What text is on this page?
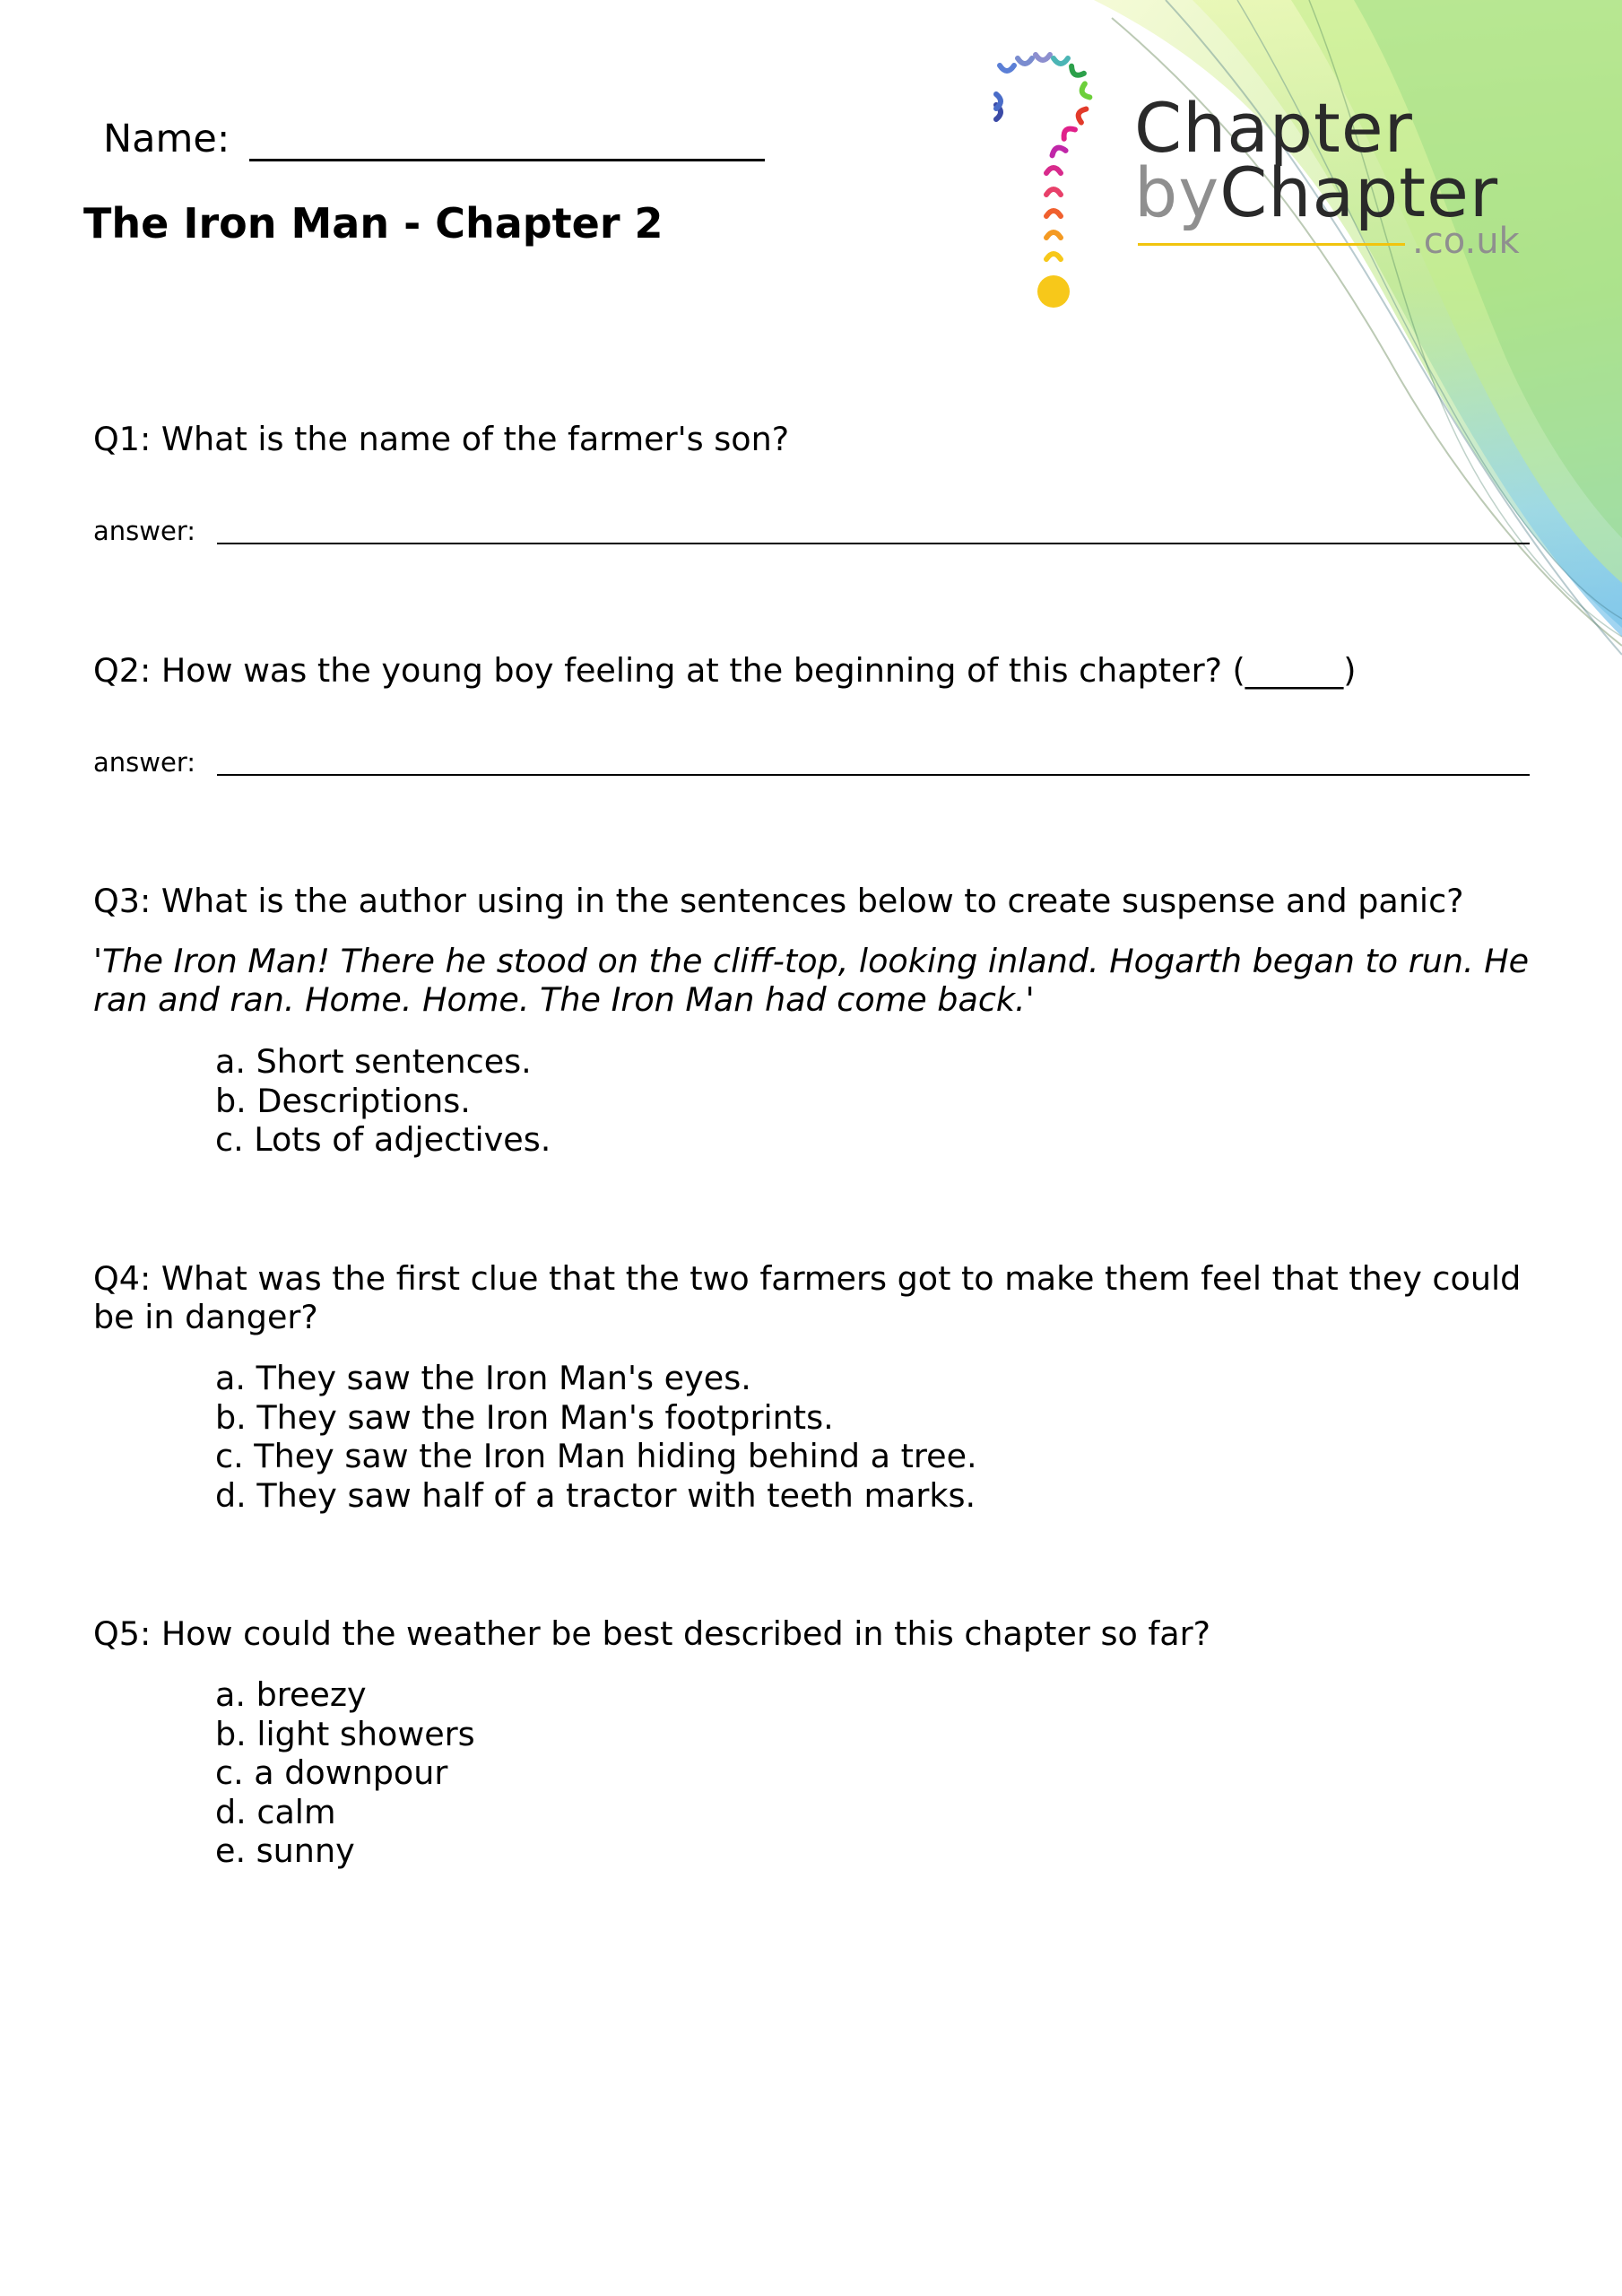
Chapter
byChapter
.co.uk
Name:
The Iron Man - Chapter 2

Q1: What is the name of the farmer's son?

answer:

Q2: How was the young boy feeling at the beginning of this chapter? (______)

answer:

Q3: What is the author using in the sentences below to create suspense and panic?

'The Iron Man! There he stood on the cliff-top, looking inland. Hogarth began to run. He ran and ran. Home. Home. The Iron Man had come back.'

a. Short sentences.
b. Descriptions.
c. Lots of adjectives.

Q4: What was the first clue that the two farmers got to make them feel that they could be in danger?

a. They saw the Iron Man's eyes.
b. They saw the Iron Man's footprints.
c. They saw the Iron Man hiding behind a tree.
d. They saw half of a tractor with teeth marks.

Q5: How could the weather be best described in this chapter so far?

a. breezy
b. light showers
c. a downpour
d. calm
e. sunny
